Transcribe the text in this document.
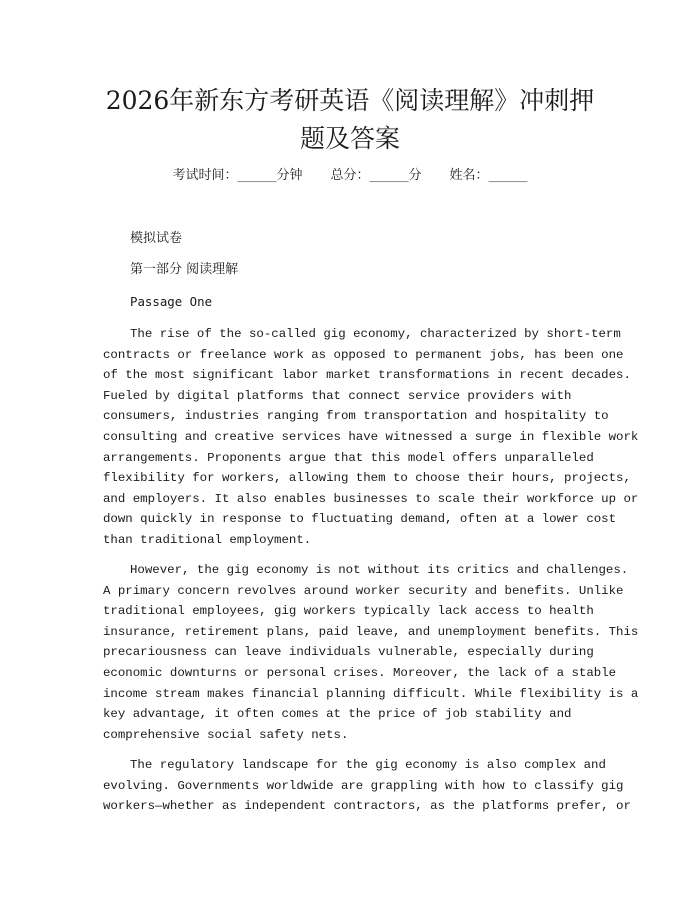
2026年新东方考研英语《阅读理解》冲刺押
题及答案
考试时间：______分钟 总分：______分 姓名：______
模拟试卷
第一部分 阅读理解
Passage One
The rise of the so-called gig economy, characterized by short-term
contracts or freelance work as opposed to permanent jobs, has been one
of the most significant labor market transformations in recent decades.
Fueled by digital platforms that connect service providers with
consumers, industries ranging from transportation and hospitality to
consulting and creative services have witnessed a surge in flexible work
arrangements. Proponents argue that this model offers unparalleled
flexibility for workers, allowing them to choose their hours, projects,
and employers. It also enables businesses to scale their workforce up or
down quickly in response to fluctuating demand, often at a lower cost
than traditional employment.
However, the gig economy is not without its critics and challenges.
A primary concern revolves around worker security and benefits. Unlike
traditional employees, gig workers typically lack access to health
insurance, retirement plans, paid leave, and unemployment benefits. This
precariousness can leave individuals vulnerable, especially during
economic downturns or personal crises. Moreover, the lack of a stable
income stream makes financial planning difficult. While flexibility is a
key advantage, it often comes at the price of job stability and
comprehensive social safety nets.
The regulatory landscape for the gig economy is also complex and
evolving. Governments worldwide are grappling with how to classify gig
workers—whether as independent contractors, as the platforms prefer, or
